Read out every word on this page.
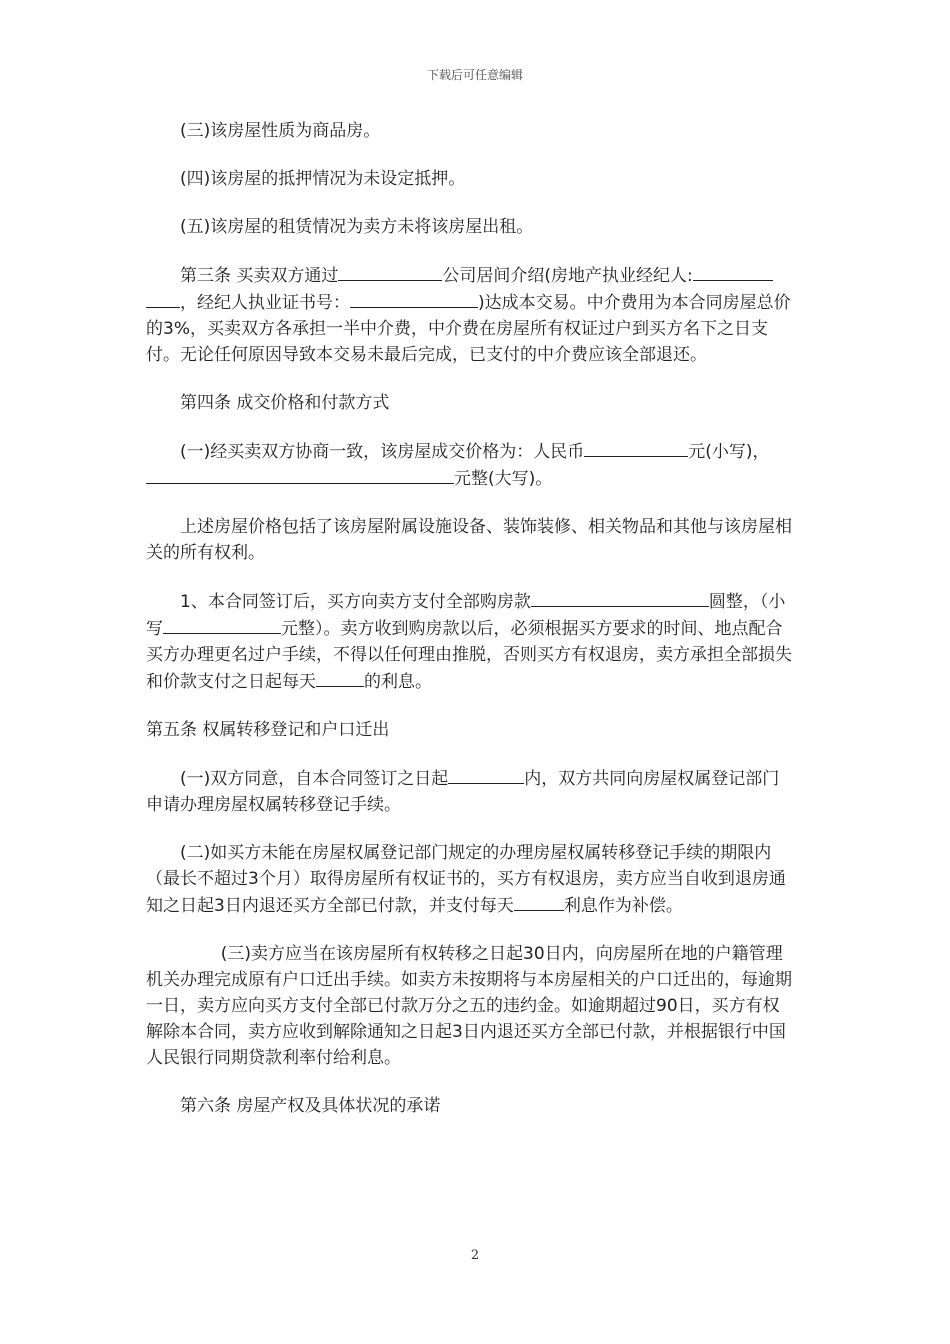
下载后可任意编辑

(三)该房屋性质为商品房。

(四)该房屋的抵押情况为未设定抵押。

(五)该房屋的租赁情况为卖方未将该房屋出租。

第三条 买卖双方通过	公司居间介绍(房地产执业经纪人:，经纪人执业证书号：	)达成本交易。中介费用为本合同房屋总价的3%，买卖双方各承担一半中介费，中介费在房屋所有权证过户到买方名下之日支付。无论任何原因导致本交易未最后完成，已支付的中介费应该全部退还。

第四条 成交价格和付款方式

(一)经买卖双方协商一致，该房屋成交价格为：人民币	元(小写)，元整(大写)。

上述房屋价格包括了该房屋附属设施设备、装饰装修、相关物品和其他与该房屋相关的所有权利。

1、本合同签订后，买方向卖方支付全部购房款	圆整，（小写	元整）。卖方收到购房款以后，必须根据买方要求的时间、地点配合买方办理更名过户手续，不得以任何理由推脱，否则买方有权退房，卖方承担全部损失和价款支付之日起每天	的利息。

第五条 权属转移登记和户口迁出

(一)双方同意，自本合同签订之日起	内，双方共同向房屋权属登记部门申请办理房屋权属转移登记手续。

(二)如买方未能在房屋权属登记部门规定的办理房屋权属转移登记手续的期限内（最长不超过3个月）取得房屋所有权证书的，买方有权退房，卖方应当自收到退房通知之日起3日内退还买方全部已付款，并支付每天	利息作为补偿。

(三)卖方应当在该房屋所有权转移之日起30日内，向房屋所在地的户籍管理机关办理完成原有户口迁出手续。如卖方未按期将与本房屋相关的户口迁出的，每逾期一日，卖方应向买方支付全部已付款万分之五的违约金。如逾期超过90日，买方有权解除本合同，卖方应收到解除通知之日起3日内退还买方全部已付款，并根据银行中国人民银行同期贷款利率付给利息。

第六条 房屋产权及具体状况的承诺

2
